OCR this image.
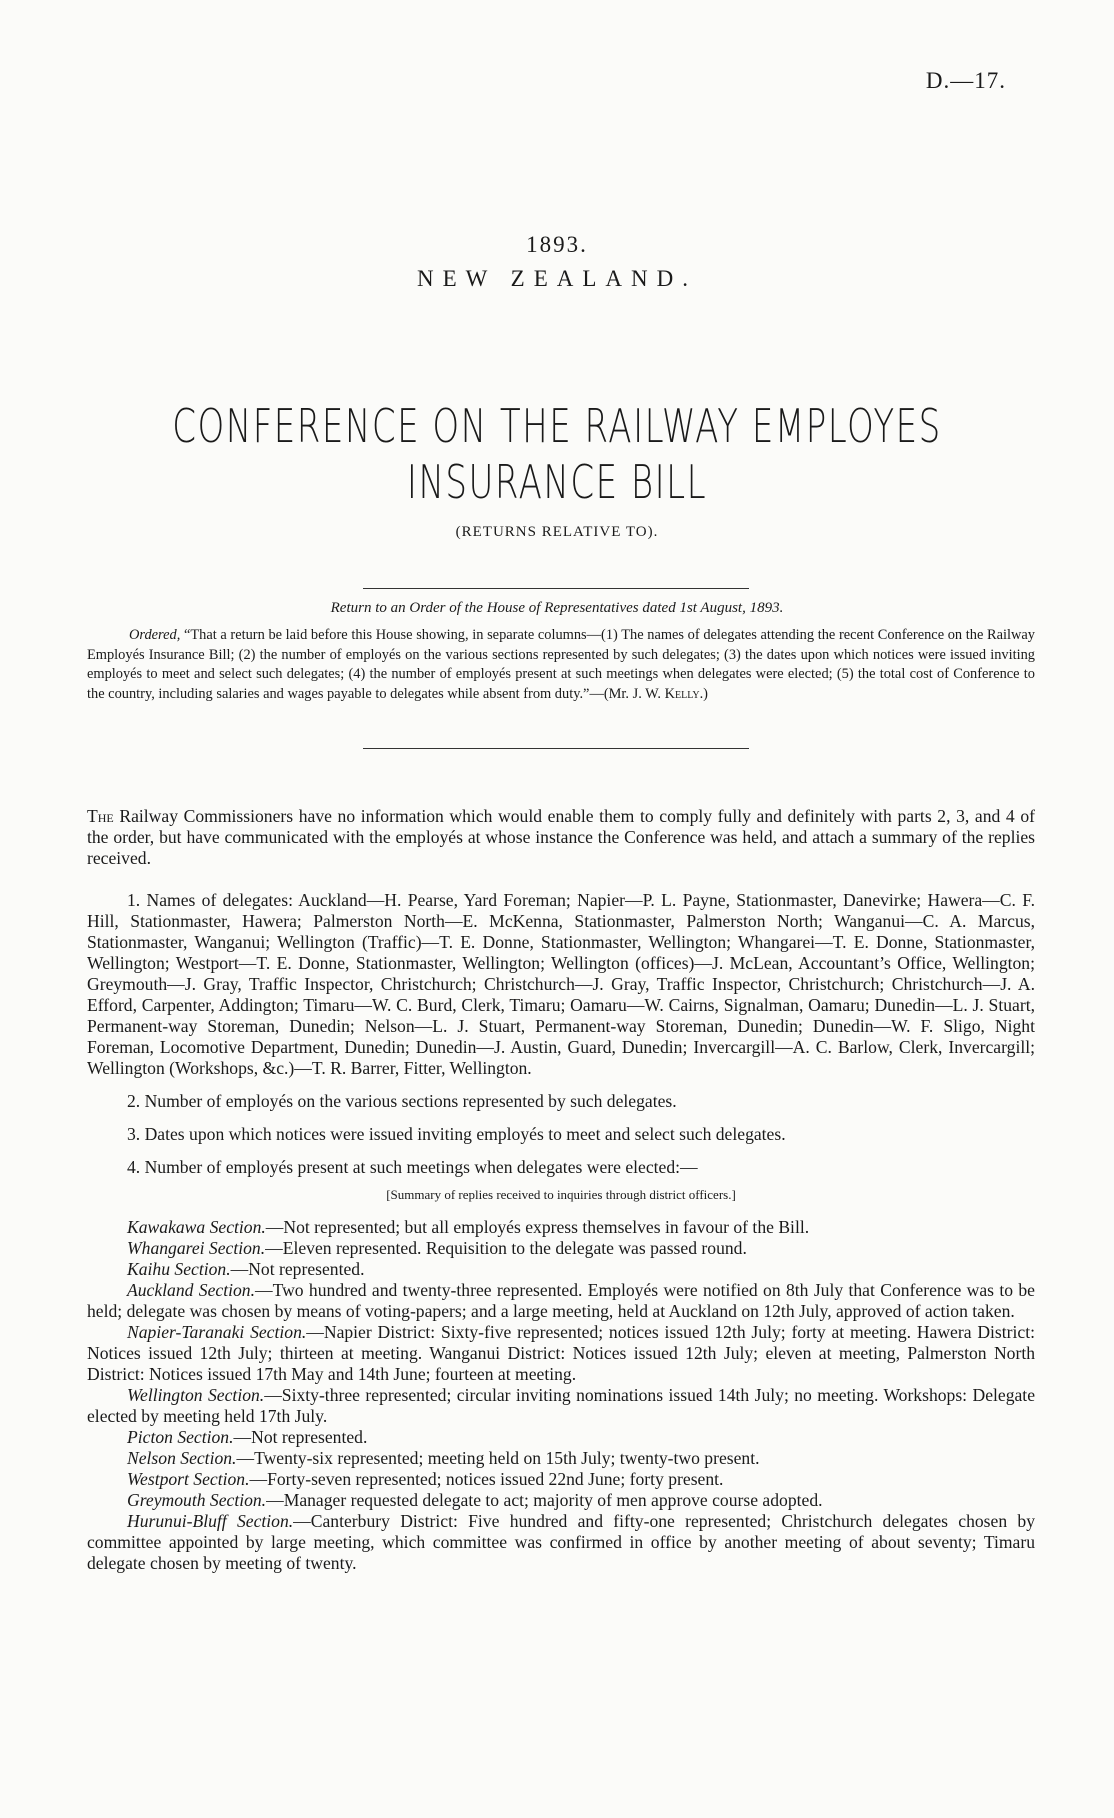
D.—17.
1893.
NEW ZEALAND.
CONFERENCE ON THE RAILWAY EMPLOYES
INSURANCE BILL
(RETURNS RELATIVE TO).
Return to an Order of the House of Representatives dated 1st August, 1893.
Ordered, “That a return be laid before this House showing, in separate columns—(1) The names of delegates attending the recent Conference on the Railway Employés Insurance Bill; (2) the number of employés on the various sections represented by such delegates; (3) the dates upon which notices were issued inviting employés to meet and select such delegates; (4) the number of employés present at such meetings when delegates were elected; (5) the total cost of Conference to the country, including salaries and wages payable to delegates while absent from duty.”—(Mr. J. W. Kelly.)
The Railway Commissioners have no information which would enable them to comply fully and definitely with parts 2, 3, and 4 of the order, but have communicated with the employés at whose instance the Conference was held, and attach a summary of the replies received.

1. Names of delegates: Auckland—H. Pearse, Yard Foreman; Napier—P. L. Payne, Stationmaster, Danevirke; Hawera—C. F. Hill, Stationmaster, Hawera; Palmerston North—E. McKenna, Stationmaster, Palmerston North; Wanganui—C. A. Marcus, Stationmaster, Wanganui; Wellington (Traffic)—T. E. Donne, Stationmaster, Wellington; Whangarei—T. E. Donne, Stationmaster, Wellington; Westport—T. E. Donne, Stationmaster, Wellington; Wellington (offices)—J. McLean, Accountant’s Office, Wellington; Greymouth—J. Gray, Traffic Inspector, Christchurch; Christchurch—J. Gray, Traffic Inspector, Christchurch; Christchurch—J. A. Efford, Carpenter, Addington; Timaru—W. C. Burd, Clerk, Timaru; Oamaru—W. Cairns, Signalman, Oamaru; Dunedin—L. J. Stuart, Permanent-way Storeman, Dunedin; Nelson—L. J. Stuart, Permanent-way Storeman, Dunedin; Dunedin—W. F. Sligo, Night Foreman, Locomotive Department, Dunedin; Dunedin—J. Austin, Guard, Dunedin; Invercargill—A. C. Barlow, Clerk, Invercargill; Wellington (Workshops, &c.)—T. R. Barrer, Fitter, Wellington.

2. Number of employés on the various sections represented by such delegates.

3. Dates upon which notices were issued inviting employés to meet and select such delegates.

4. Number of employés present at such meetings when delegates were elected:—

[Summary of replies received to inquiries through district officers.]

Kawakawa Section.—Not represented; but all employés express themselves in favour of the Bill.

Whangarei Section.—Eleven represented. Requisition to the delegate was passed round.

Kaihu Section.—Not represented.

Auckland Section.—Two hundred and twenty-three represented. Employés were notified on 8th July that Conference was to be held; delegate was chosen by means of voting-papers; and a large meeting, held at Auckland on 12th July, approved of action taken.

Napier-Taranaki Section.—Napier District: Sixty-five represented; notices issued 12th July; forty at meeting. Hawera District: Notices issued 12th July; thirteen at meeting. Wanganui District: Notices issued 12th July; eleven at meeting, Palmerston North District: Notices issued 17th May and 14th June; fourteen at meeting.

Wellington Section.—Sixty-three represented; circular inviting nominations issued 14th July; no meeting. Workshops: Delegate elected by meeting held 17th July.

Picton Section.—Not represented.

Nelson Section.—Twenty-six represented; meeting held on 15th July; twenty-two present.

Westport Section.—Forty-seven represented; notices issued 22nd June; forty present.

Greymouth Section.—Manager requested delegate to act; majority of men approve course adopted.

Hurunui-Bluff Section.—Canterbury District: Five hundred and fifty-one represented; Christchurch delegates chosen by committee appointed by large meeting, which committee was confirmed in office by another meeting of about seventy; Timaru delegate chosen by meeting of twenty.
